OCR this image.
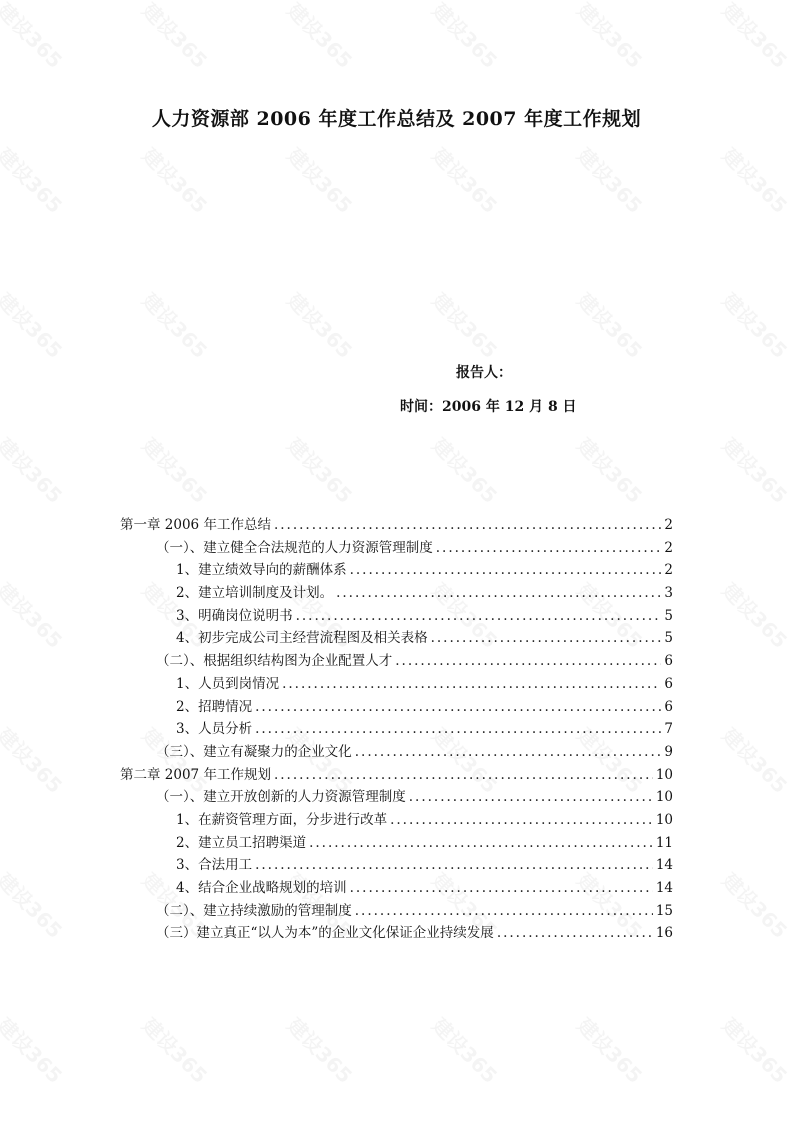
人力资源部 2006 年度工作总结及 2007 年度工作规划
报告人：
时间：2006 年 12 月 8 日
第一章 2006 年工作总结 .....	2
（一）、建立健全合法规范的人力资源管理制度 .....	2
1、建立绩效导向的薪酬体系 .....	2
2、建立培训制度及计划。 .....	3
3、明确岗位说明书 .....	5
4、初步完成公司主经营流程图及相关表格 .....	5
（二）、根据组织结构图为企业配置人才 .....	6
1、人员到岗情况 .....	6
2、招聘情况 .....	6
3、人员分析 .....	7
（三）、建立有凝聚力的企业文化 .....	9
第二章 2007 年工作规划 .....	10
（一）、建立开放创新的人力资源管理制度 .....	10
1、在薪资管理方面，分步进行改革 .....	10
2、建立员工招聘渠道 .....	11
3、合法用工 .....	14
4、结合企业战略规划的培训 .....	14
（二）、建立持续激励的管理制度 .....	15
（三）建立真正“以人为本”的企业文化保证企业持续发展 .....	16
